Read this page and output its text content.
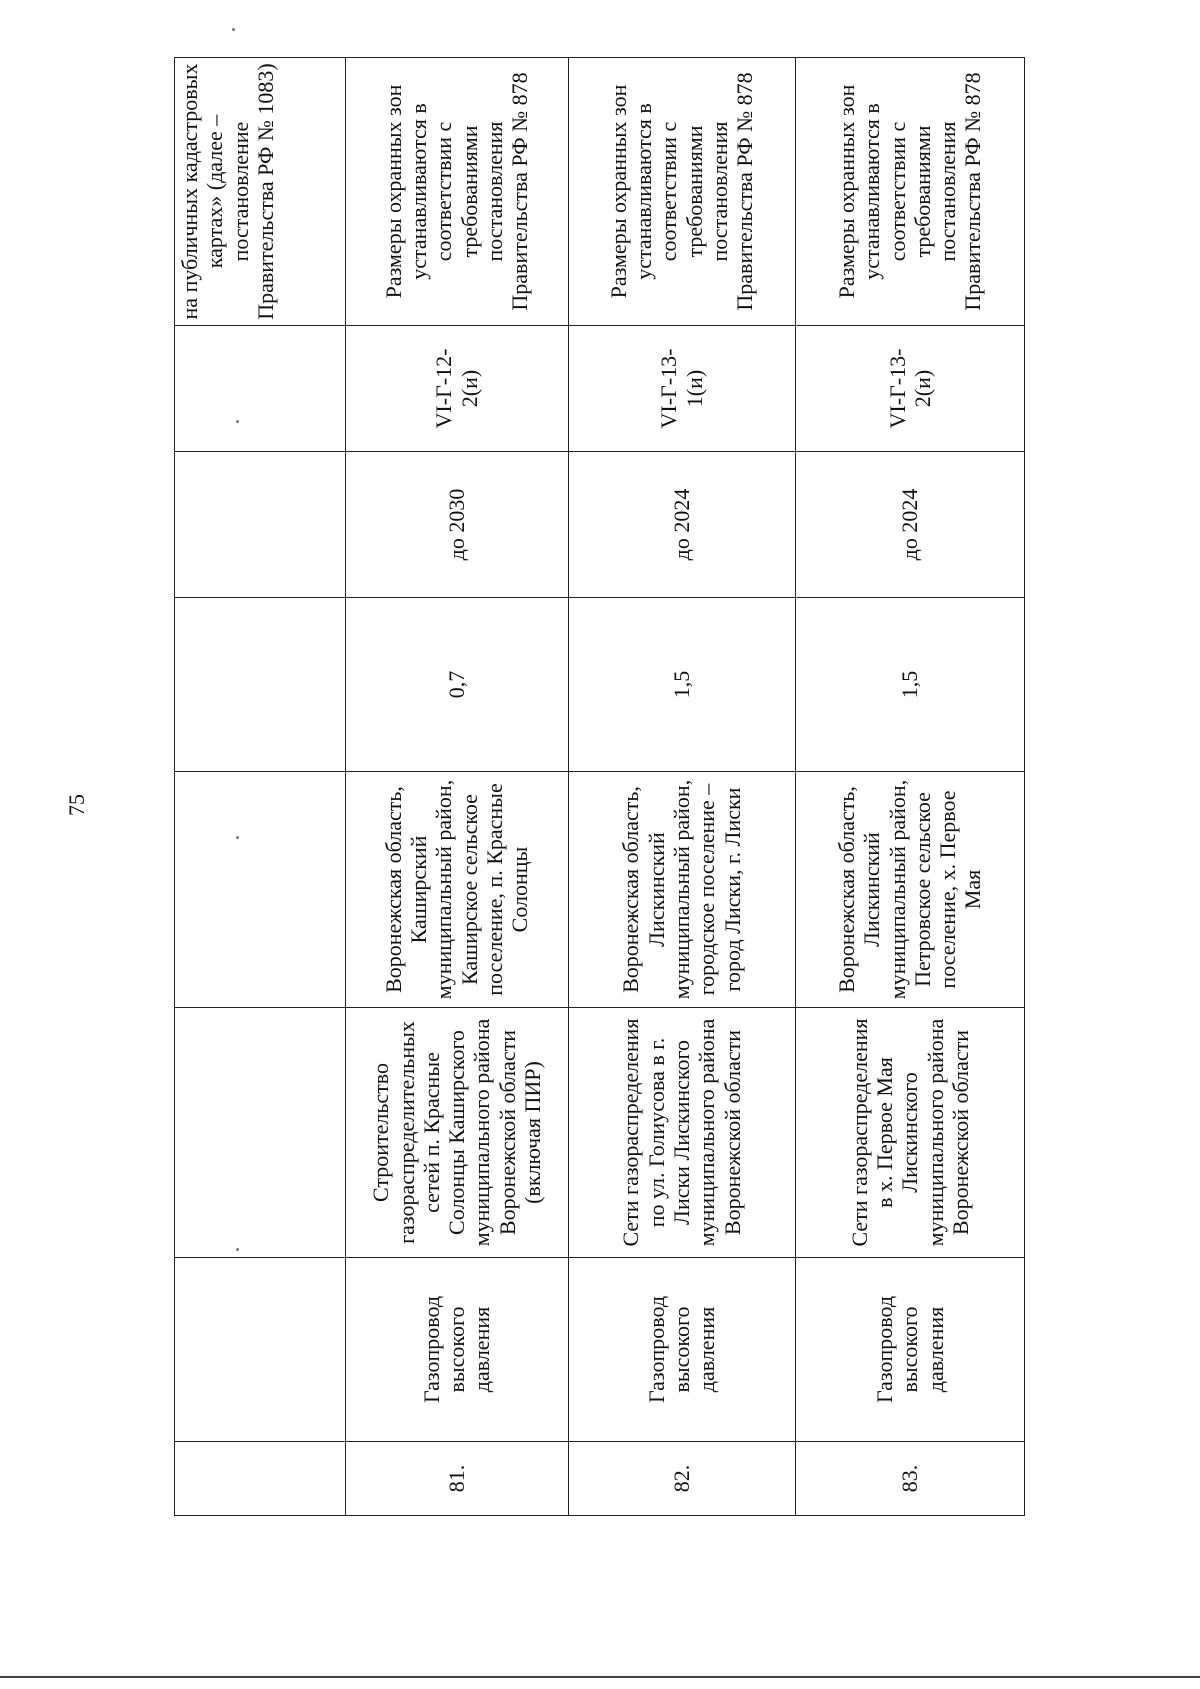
75
							на публичных кадастровых картах» (далее – постановление Правительства РФ № 1083)
81.	Газопровод высокого давления	Строительство газораспределительных сетей п. Красные Солонцы Каширского муниципального района Воронежской области (включая ПИР)	Воронежская область, Каширский муниципальный район, Каширское сельское поселение, п. Красные Солонцы	0,7	до 2030	VI-Г-12-2(и)	Размеры охранных зон устанавливаются в соответствии с требованиями постановления Правительства РФ № 878
82.	Газопровод высокого давления	Сети газораспределения по ул. Голиусова в г. Лиски Лискинского муниципального района Воронежской области	Воронежская область, Лискинский муниципальный район, городское поселение – город Лиски, г. Лиски	1,5	до 2024	VI-Г-13-1(и)	Размеры охранных зон устанавливаются в соответствии с требованиями постановления Правительства РФ № 878
83.	Газопровод высокого давления	Сети газораспределения в х. Первое Мая Лискинского муниципального района Воронежской области	Воронежская область, Лискинский муниципальный район, Петровское сельское поселение, х. Первое Мая	1,5	до 2024	VI-Г-13-2(и)	Размеры охранных зон устанавливаются в соответствии с требованиями постановления Правительства РФ № 878
